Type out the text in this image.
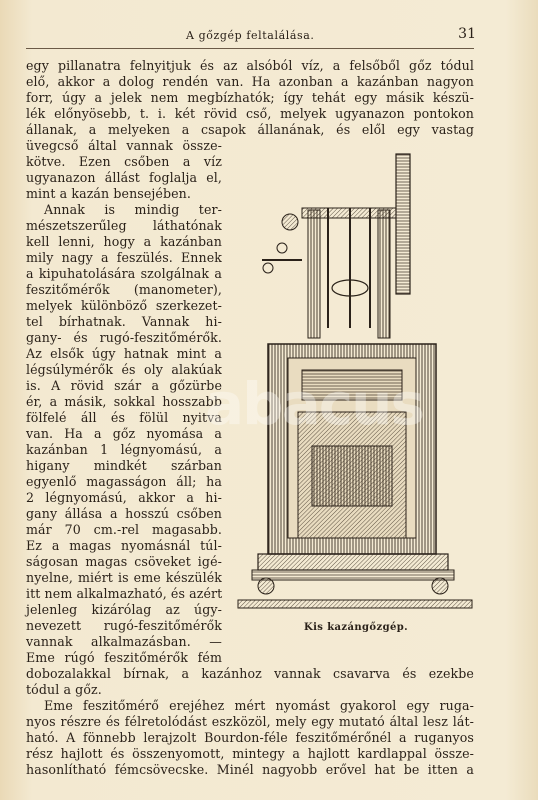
A gőzgép feltalálása.	31
egy pillanatra felnyitjuk és az alsóból víz, a felsőből gőz tódul
elő, akkor a dolog rendén van. Ha azonban a kazánban nagyon
forr, úgy a jelek nem megbízhatók; így tehát egy másik készü-
lék előnyösebb, t. i. két rövid cső, melyek ugyanazon pontokon
állanak, a melyeken a csapok állanának, és elől egy vastag
üvegcső által vannak össze-
kötve. Ezen csőben a víz
ugyanazon állást foglalja el,
mint a kazán bensejében.
Annak is mindig ter-
mészetszerűleg láthatónak
kell lenni, hogy a kazánban
mily nagy a feszülés. Ennek
a kipuhatolására szolgálnak a
feszitőmérők (manometer),
melyek különböző szerkezet-
tel bírhatnak. Vannak hi-
gany- és rugó-feszitőmérők.
Az elsők úgy hatnak mint a
légsúlymérők és oly alakúak
is. A rövid szár a gőzürbe
ér, a másik, sokkal hosszabb
fölfelé áll és fölül nyitva
van. Ha a gőz nyomása a
kazánban 1 légnyomású, a
higany mindkét szárban
egyenlő magasságon áll; ha
2 légnyomású, akkor a hi-
gany állása a hosszú csőben
már 70 cm.-rel magasabb.
Ez a magas nyomásnál túl-
ságosan magas csöveket igé-
nyelne, miért is eme készülék
itt nem alkalmazható, és azért
jelenleg kizárólag az úgy-
nevezett rugó-feszitőmérők
vannak alkalmazásban. —
Kis kazángőzgép.
Eme rúgó feszitőmérők fém
dobozalakkal bírnak, a kazánhoz vannak csavarva és ezekbe
tódul a gőz.
Eme feszitőmérő erejéhez mért nyomást gyakorol egy ruga-
nyos részre és félretolódást eszközöl, mely egy mutató által lesz lát-
ható. A fönnebb lerajzolt Bourdon-féle feszitőmérőnél a ruganyos
rész hajlott és összenyomott, mintegy a hajlott kardlappal össze-
hasonlítható fémcsövecske. Minél nagyobb erővel hat be itten a
abacus
